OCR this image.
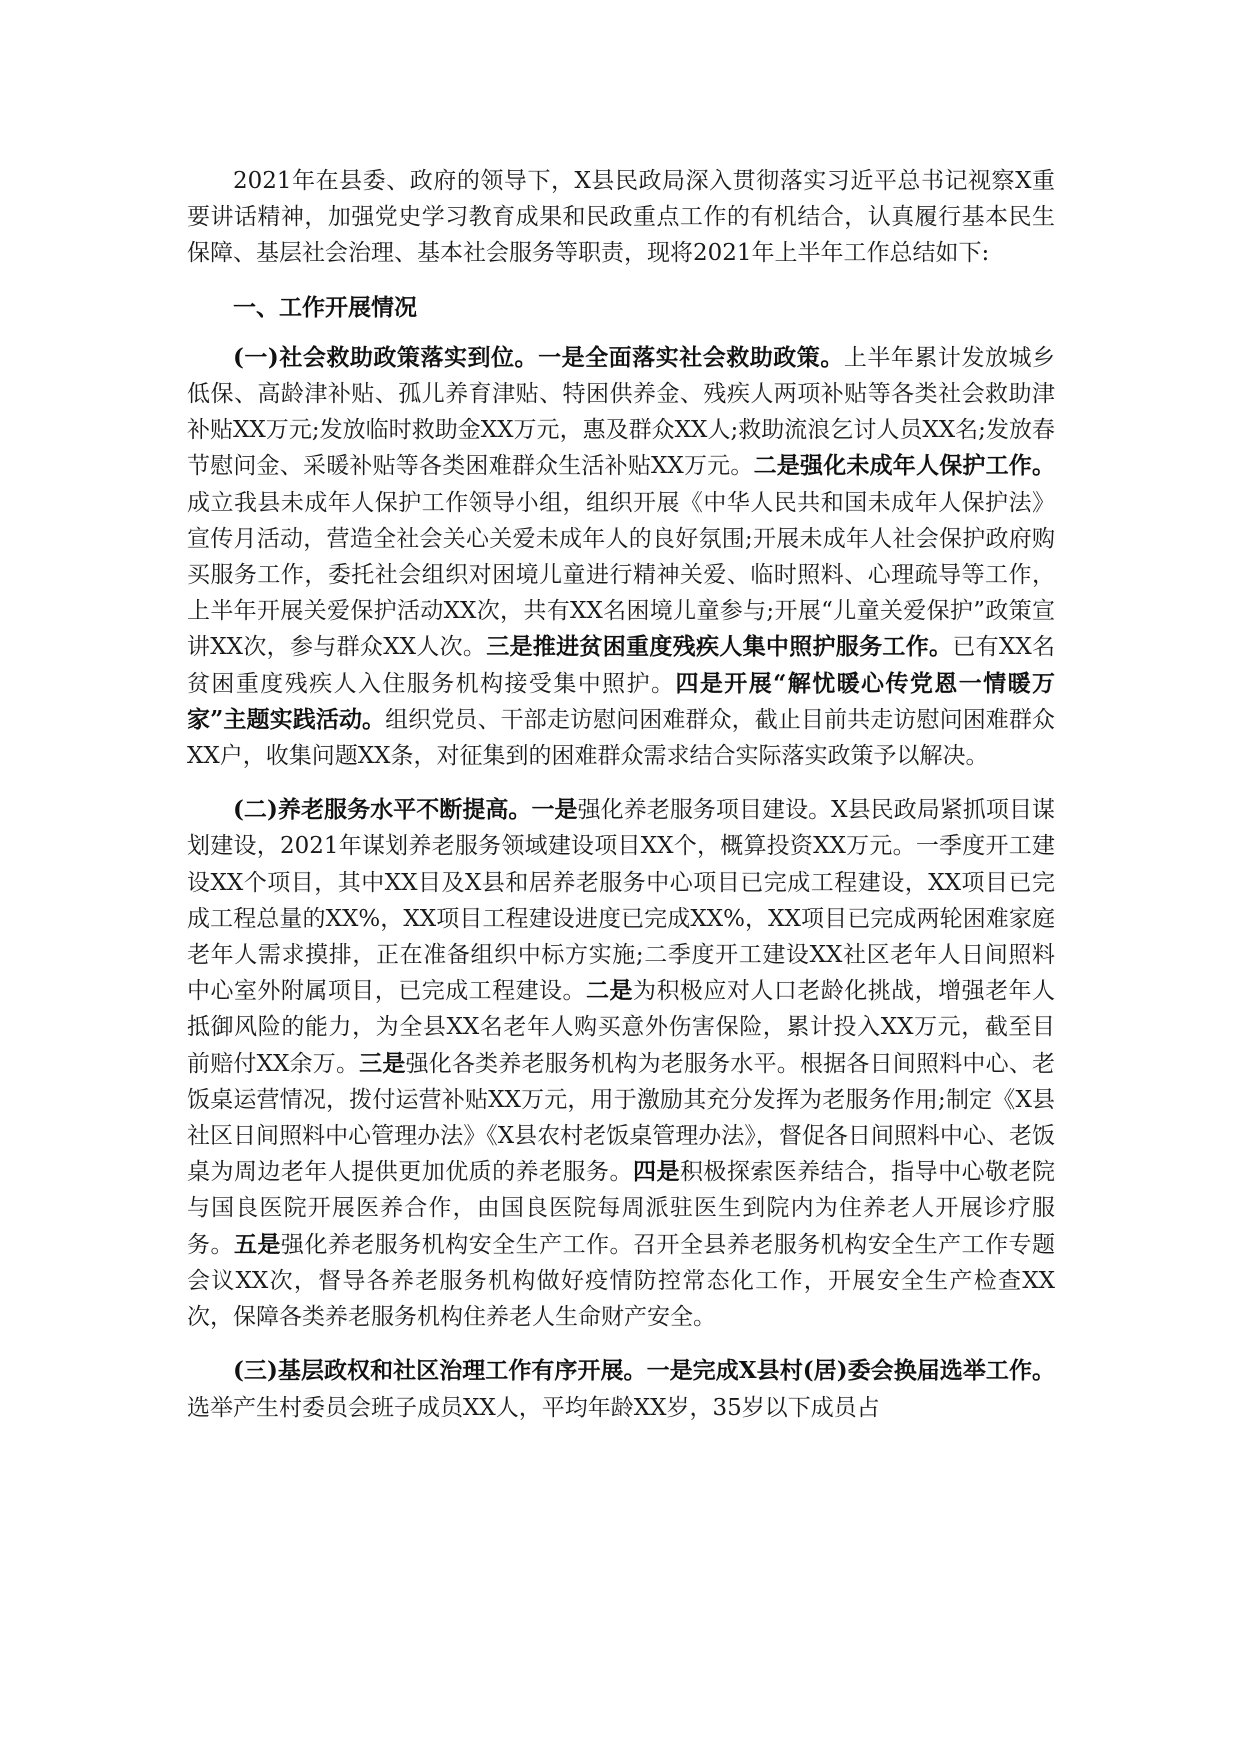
2021年在县委、政府的领导下，X县民政局深入贯彻落实习近平总书记视察X重要讲话精神，加强党史学习教育成果和民政重点工作的有机结合，认真履行基本民生保障、基层社会治理、基本社会服务等职责，现将2021年上半年工作总结如下:

一、工作开展情况

(一)社会救助政策落实到位。一是全面落实社会救助政策。上半年累计发放城乡低保、高龄津补贴、孤儿养育津贴、特困供养金、残疾人两项补贴等各类社会救助津补贴XX万元;发放临时救助金XX万元，惠及群众XX人;救助流浪乞讨人员XX名;发放春节慰问金、采暖补贴等各类困难群众生活补贴XX万元。二是强化未成年人保护工作。成立我县未成年人保护工作领导小组，组织开展《中华人民共和国未成年人保护法》宣传月活动，营造全社会关心关爱未成年人的良好氛围;开展未成年人社会保护政府购买服务工作，委托社会组织对困境儿童进行精神关爱、临时照料、心理疏导等工作，上半年开展关爱保护活动XX次，共有XX名困境儿童参与;开展“儿童关爱保护”政策宣讲XX次，参与群众XX人次。三是推进贫困重度残疾人集中照护服务工作。已有XX名贫困重度残疾人入住服务机构接受集中照护。四是开展“解忧暖心传党恩一情暖万家”主题实践活动。组织党员、干部走访慰问困难群众，截止目前共走访慰问困难群众XX户，收集问题XX条，对征集到的困难群众需求结合实际落实政策予以解决。

(二)养老服务水平不断提高。一是强化养老服务项目建设。X县民政局紧抓项目谋划建设，2021年谋划养老服务领域建设项目XX个，概算投资XX万元。一季度开工建设XX个项目，其中XX目及X县和居养老服务中心项目已完成工程建设，XX项目已完成工程总量的XX%，XX项目工程建设进度已完成XX%，XX项目已完成两轮困难家庭老年人需求摸排，正在准备组织中标方实施;二季度开工建设XX社区老年人日间照料中心室外附属项目，已完成工程建设。二是为积极应对人口老龄化挑战，增强老年人抵御风险的能力，为全县XX名老年人购买意外伤害保险，累计投入XX万元，截至目前赔付XX余万。三是强化各类养老服务机构为老服务水平。根据各日间照料中心、老饭桌运营情况，拨付运营补贴XX万元，用于激励其充分发挥为老服务作用;制定《X县社区日间照料中心管理办法》《X县农村老饭桌管理办法》，督促各日间照料中心、老饭桌为周边老年人提供更加优质的养老服务。四是积极探索医养结合，指导中心敬老院与国良医院开展医养合作，由国良医院每周派驻医生到院内为住养老人开展诊疗服务。五是强化养老服务机构安全生产工作。召开全县养老服务机构安全生产工作专题会议XX次，督导各养老服务机构做好疫情防控常态化工作，开展安全生产检查XX次，保障各类养老服务机构住养老人生命财产安全。

(三)基层政权和社区治理工作有序开展。一是完成X县村(居)委会换届选举工作。选举产生村委员会班子成员XX人，平均年龄XX岁，35岁以下成员占
